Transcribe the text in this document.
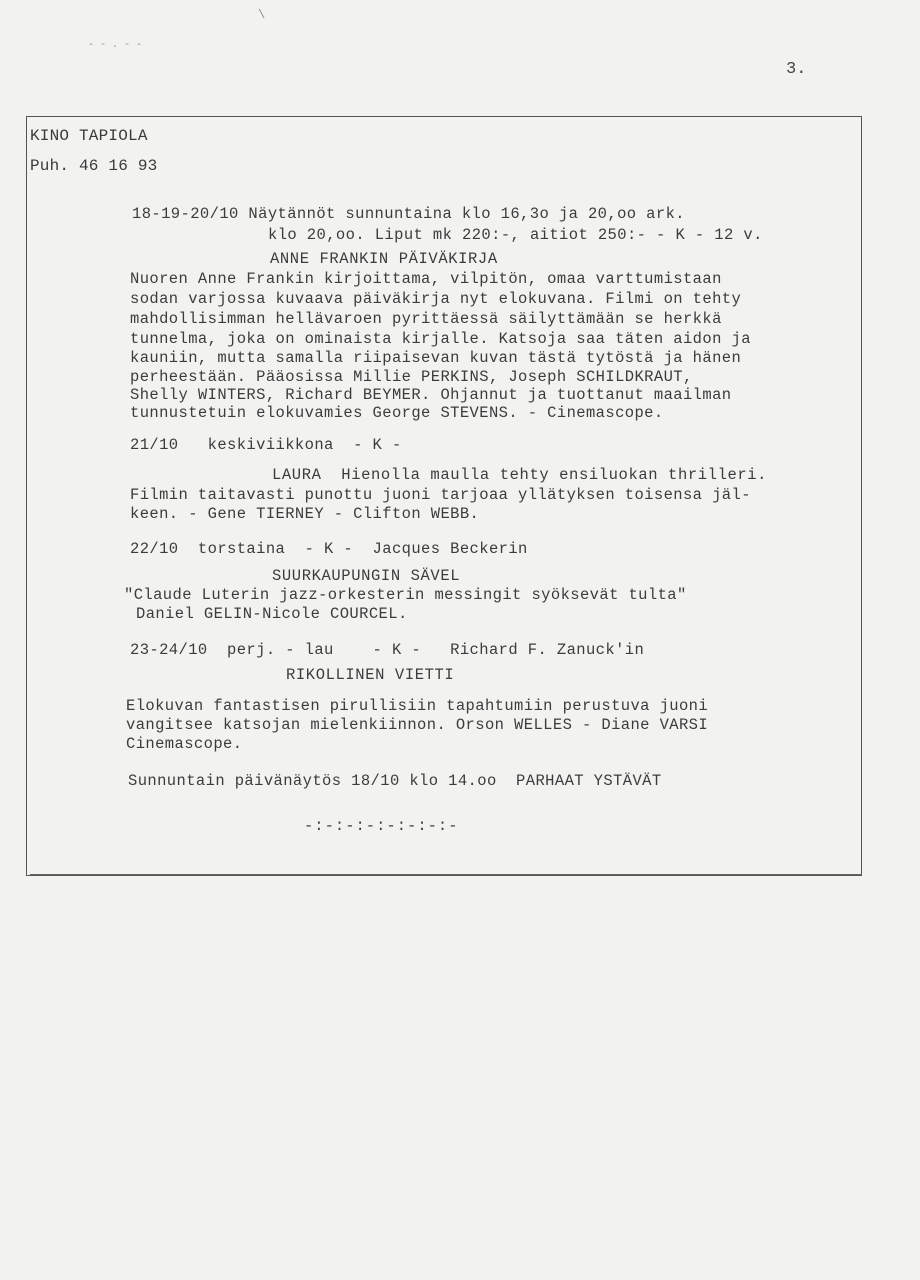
\
- - . - -
3.
KINO TAPIOLA
Puh. 46 16 93
18-19-20/10 Näytännöt sunnuntaina klo 16,3o ja 20,oo ark.
klo 20,oo. Liput mk 220:-, aitiot 250:- - K - 12 v.
ANNE FRANKIN PÄIVÄKIRJA
Nuoren Anne Frankin kirjoittama, vilpitön, omaa varttumistaan
sodan varjossa kuvaava päiväkirja nyt elokuvana. Filmi on tehty
mahdollisimman hellävaroen pyrittäessä säilyttämään se herkkä
tunnelma, joka on ominaista kirjalle. Katsoja saa täten aidon ja
kauniin, mutta samalla riipaisevan kuvan tästä tytöstä ja hänen
perheestään. Pääosissa Millie PERKINS, Joseph SCHILDKRAUT,
Shelly WINTERS, Richard BEYMER. Ohjannut ja tuottanut maailman
tunnustetuin elokuvamies George STEVENS. - Cinemascope.
21/10   keskiviikkona  - K -
LAURA  Hienolla maulla tehty ensiluokan thrilleri.
Filmin taitavasti punottu juoni tarjoaa yllätyksen toisensa jäl-
keen. - Gene TIERNEY - Clifton WEBB.
22/10  torstaina  - K -  Jacques Beckerin
SUURKAUPUNGIN SÄVEL
"Claude Luterin jazz-orkesterin messingit syöksevät tulta"
Daniel GELIN-Nicole COURCEL.
23-24/10  perj. - lau    - K -   Richard F. Zanuck'in
RIKOLLINEN VIETTI
Elokuvan fantastisen pirullisiin tapahtumiin perustuva juoni
vangitsee katsojan mielenkiinnon. Orson WELLES - Diane VARSI
Cinemascope.
Sunnuntain päivänäytös 18/10 klo 14.oo  PARHAAT YSTÄVÄT
-:-:-:-:-:-:-:-
